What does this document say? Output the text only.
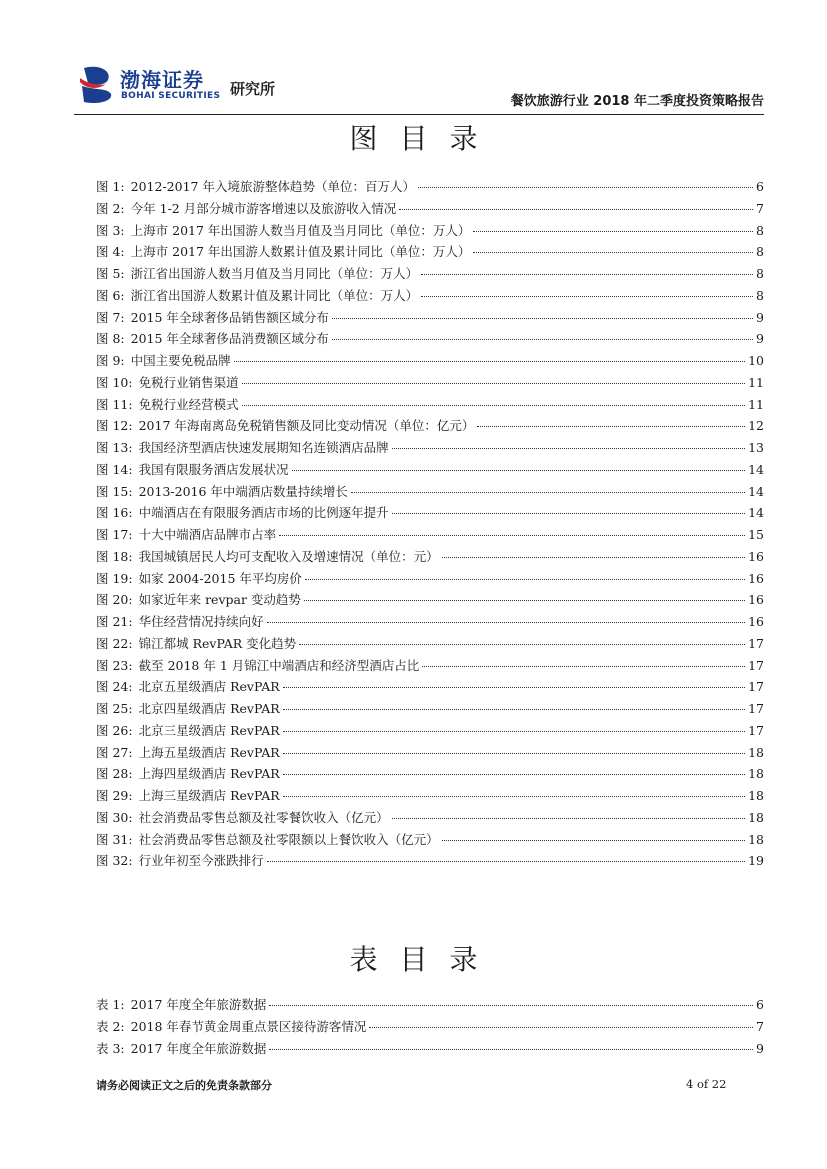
渤海证券
BOHAI SECURITIES 研究所
餐饮旅游行业 2018 年二季度投资策略报告
图目录
图 1: 2012-2017 年入境旅游整体趋势（单位：百万人）	6
图 2: 今年 1-2 月部分城市游客增速以及旅游收入情况	7
图 3: 上海市 2017 年出国游人数当月值及当月同比（单位：万人）	8
图 4: 上海市 2017 年出国游人数累计值及累计同比（单位：万人）	8
图 5: 浙江省出国游人数当月值及当月同比（单位：万人）	8
图 6: 浙江省出国游人数累计值及累计同比（单位：万人）	8
图 7: 2015 年全球奢侈品销售额区域分布	9
图 8: 2015 年全球奢侈品消费额区域分布	9
图 9: 中国主要免税品牌	10
图 10: 免税行业销售渠道	11
图 11: 免税行业经营模式	11
图 12: 2017 年海南离岛免税销售额及同比变动情况（单位：亿元）	12
图 13: 我国经济型酒店快速发展期知名连锁酒店品牌	13
图 14: 我国有限服务酒店发展状况	14
图 15: 2013-2016 年中端酒店数量持续增长	14
图 16: 中端酒店在有限服务酒店市场的比例逐年提升	14
图 17: 十大中端酒店品牌市占率	15
图 18: 我国城镇居民人均可支配收入及增速情况（单位：元）	16
图 19: 如家 2004-2015 年平均房价	16
图 20: 如家近年来 revpar 变动趋势	16
图 21: 华住经营情况持续向好	16
图 22: 锦江都城 RevPAR 变化趋势	17
图 23: 截至 2018 年 1 月锦江中端酒店和经济型酒店占比	17
图 24: 北京五星级酒店 RevPAR	17
图 25: 北京四星级酒店 RevPAR	17
图 26: 北京三星级酒店 RevPAR	17
图 27: 上海五星级酒店 RevPAR	18
图 28: 上海四星级酒店 RevPAR	18
图 29: 上海三星级酒店 RevPAR	18
图 30: 社会消费品零售总额及社零餐饮收入（亿元）	18
图 31: 社会消费品零售总额及社零限额以上餐饮收入（亿元）	18
图 32: 行业年初至今涨跌排行	19
表目录
表 1: 2017 年度全年旅游数据	6
表 2: 2018 年春节黄金周重点景区接待游客情况	7
表 3: 2017 年度全年旅游数据	9
请务必阅读正文之后的免责条款部分	4 of 22
